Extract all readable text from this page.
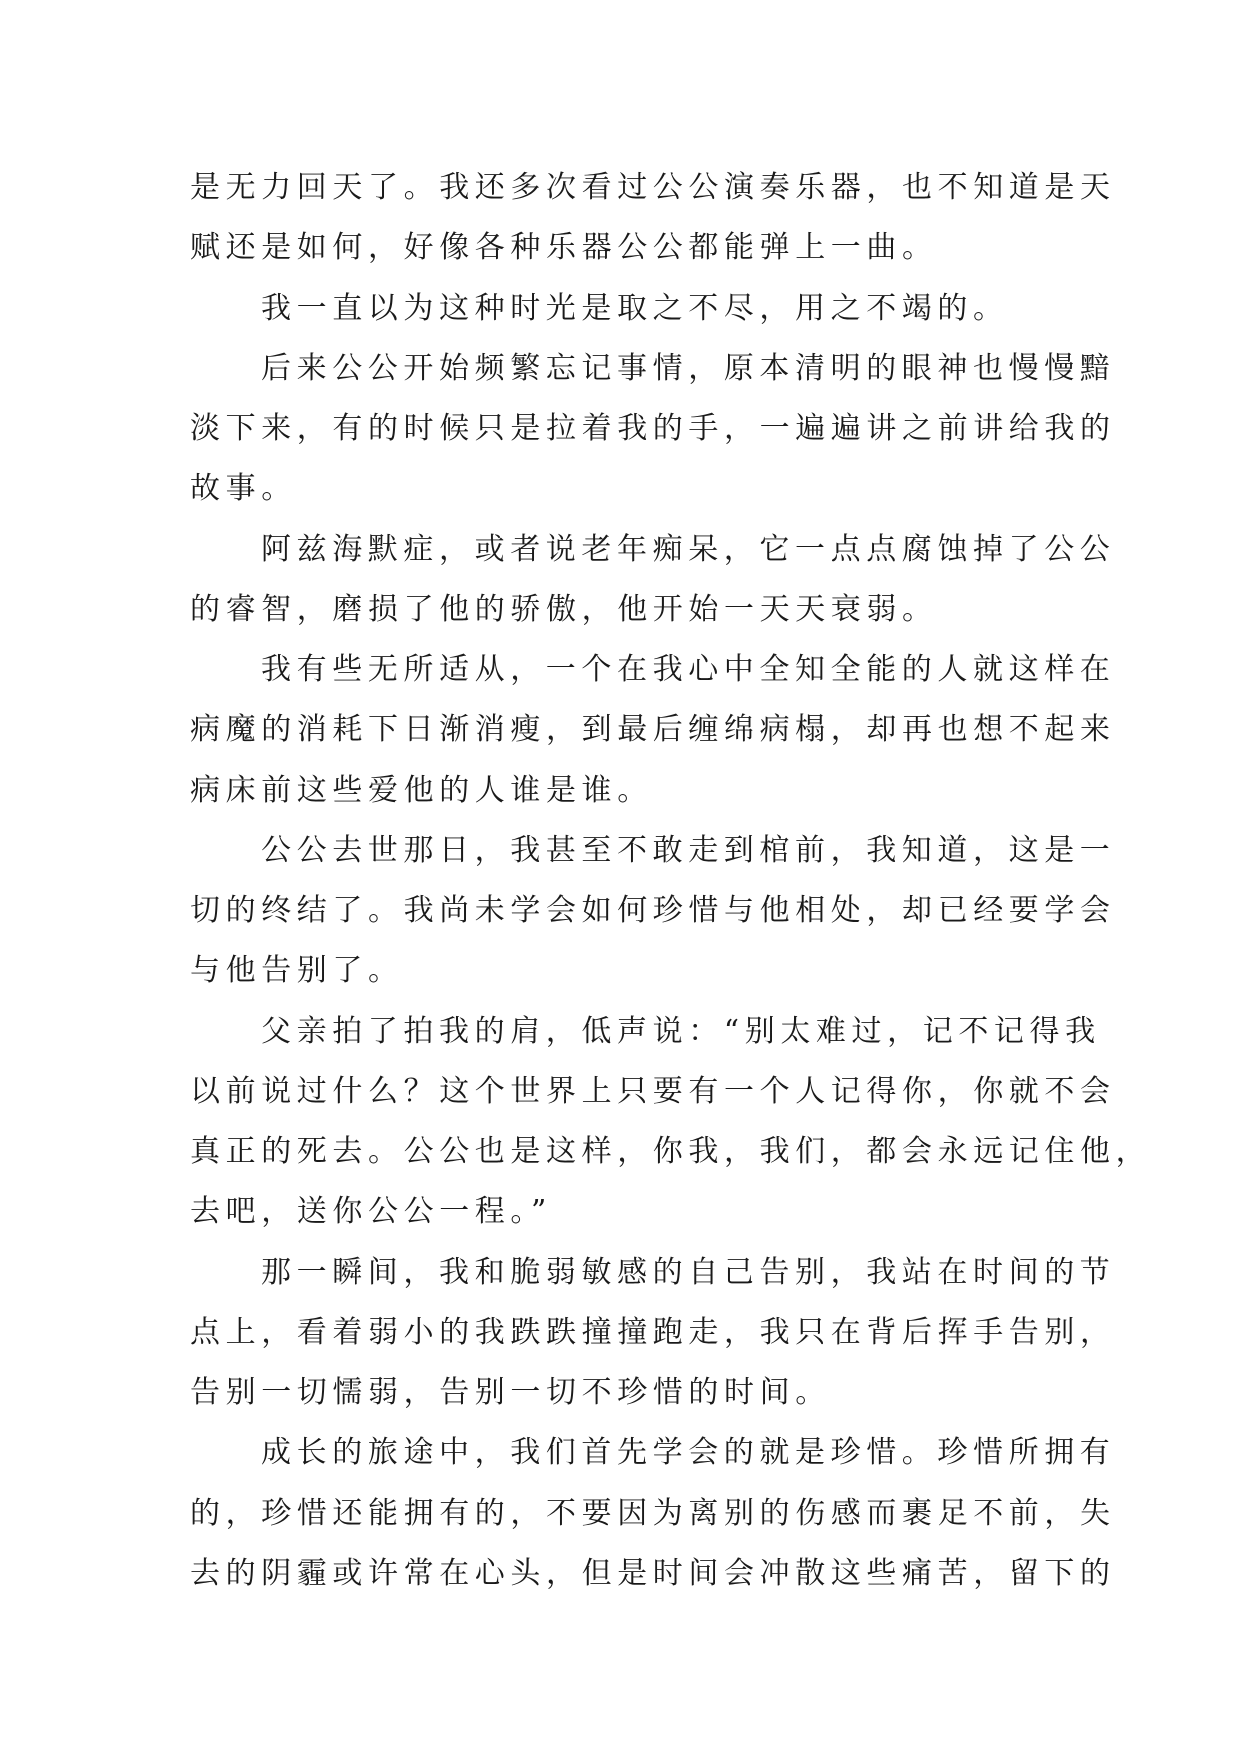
是无力回天了。我还多次看过公公演奏乐器，也不知道是天
赋还是如何，好像各种乐器公公都能弹上一曲。
我一直以为这种时光是取之不尽，用之不竭的。
后来公公开始频繁忘记事情，原本清明的眼神也慢慢黯
淡下来，有的时候只是拉着我的手，一遍遍讲之前讲给我的
故事。
阿兹海默症，或者说老年痴呆，它一点点腐蚀掉了公公
的睿智，磨损了他的骄傲，他开始一天天衰弱。
我有些无所适从，一个在我心中全知全能的人就这样在
病魔的消耗下日渐消瘦，到最后缠绵病榻，却再也想不起来
病床前这些爱他的人谁是谁。
公公去世那日，我甚至不敢走到棺前，我知道，这是一
切的终结了。我尚未学会如何珍惜与他相处，却已经要学会
与他告别了。
父亲拍了拍我的肩，低声说：“别太难过，记不记得我
以前说过什么？这个世界上只要有一个人记得你，你就不会
真正的死去。公公也是这样，你我，我们，都会永远记住他，
去吧，送你公公一程。”
那一瞬间，我和脆弱敏感的自己告别，我站在时间的节
点上，看着弱小的我跌跌撞撞跑走，我只在背后挥手告别，
告别一切懦弱，告别一切不珍惜的时间。
成长的旅途中，我们首先学会的就是珍惜。珍惜所拥有
的，珍惜还能拥有的，不要因为离别的伤感而裹足不前，失
去的阴霾或许常在心头，但是时间会冲散这些痛苦，留下的
